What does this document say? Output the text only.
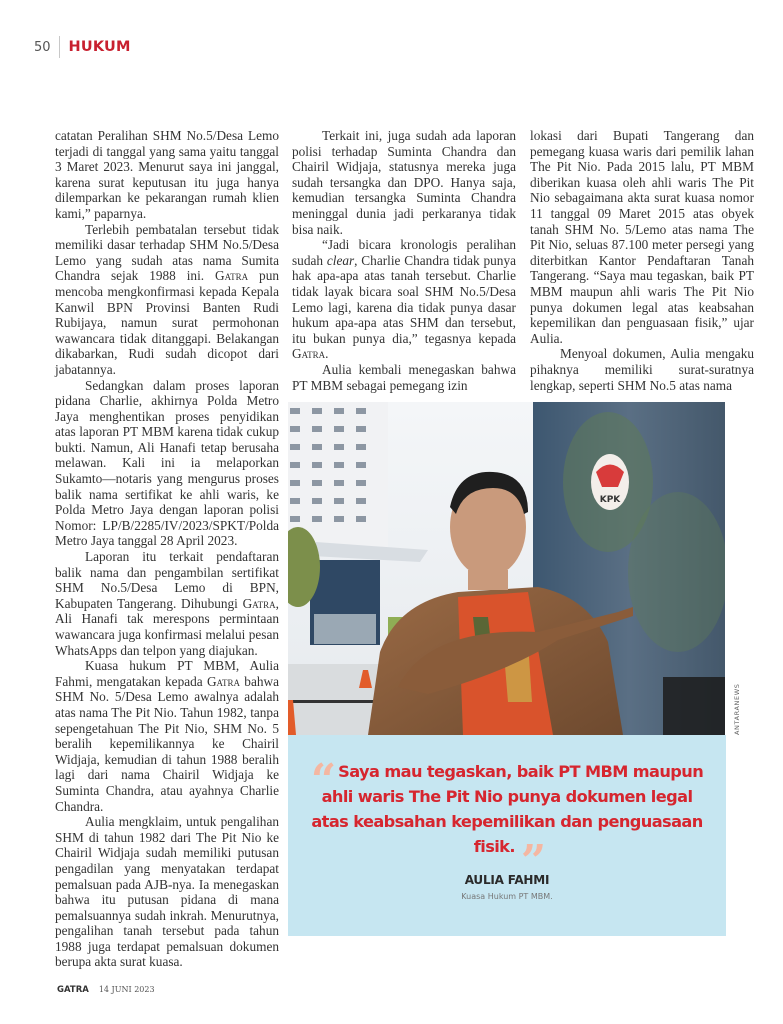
50 HUKUM

catatan Peralihan SHM No.5/Desa Lemo terjadi di tanggal yang sama yaitu tanggal 3 Maret 2023. Menurut saya ini janggal, karena surat keputusan itu juga hanya dilemparkan ke pekarangan rumah klien kami,” paparnya.

Terlebih pembatalan tersebut tidak memiliki dasar terhadap SHM No.5/Desa Lemo yang sudah atas nama Sumita Chandra sejak 1988 ini. Gatra pun mencoba mengkonfirmasi kepada Kepala Kanwil BPN Provinsi Banten Rudi Rubijaya, namun surat permohonan wawancara tidak ditanggapi. Belakangan dikabarkan, Rudi sudah dicopot dari jabatannya.

Sedangkan dalam proses laporan pidana Charlie, akhirnya Polda Metro Jaya menghentikan proses penyidikan atas laporan PT MBM karena tidak cukup bukti. Namun, Ali Hanafi tetap berusaha melawan. Kali ini ia melaporkan Sukamto—notaris yang mengurus proses balik nama sertifikat ke ahli waris, ke Polda Metro Jaya dengan laporan polisi Nomor: LP/B/2285/IV/2023/SPKT/Polda Metro Jaya tanggal 28 April 2023.

Laporan itu terkait pendaftaran balik nama dan pengambilan sertifikat SHM No.5/Desa Lemo di BPN, Kabupaten Tangerang. Dihubungi Gatra, Ali Hanafi tak merespons permintaan wawancara juga konfirmasi melalui pesan WhatsApps dan telpon yang diajukan.

Kuasa hukum PT MBM, Aulia Fahmi, mengatakan kepada Gatra bahwa SHM No. 5/Desa Lemo awalnya adalah atas nama The Pit Nio. Tahun 1982, tanpa sepengetahuan The Pit Nio, SHM No. 5 beralih kepemilikannya ke Chairil Widjaja, kemudian di tahun 1988 beralih lagi dari nama Chairil Widjaja ke Suminta Chandra, atau ayahnya Charlie Chandra.

Aulia mengklaim, untuk pengalihan SHM di tahun 1982 dari The Pit Nio ke Chairil Widjaja sudah memiliki putusan pengadilan yang menyatakan terdapat pemalsuan pada AJB-nya. Ia menegaskan bahwa itu putusan pidana di mana pemalsuannya sudah inkrah. Menurutnya, pengalihan tanah tersebut pada tahun 1988 juga terdapat pemalsuan dokumen berupa akta surat kuasa.

Terkait ini, juga sudah ada laporan polisi terhadap Suminta Chandra dan Chairil Widjaja, statusnya mereka juga sudah tersangka dan DPO. Hanya saja, kemudian tersangka Suminta Chandra meninggal dunia jadi perkaranya tidak bisa naik.

“Jadi bicara kronologis peralihan sudah clear, Charlie Chandra tidak punya hak apa-apa atas tanah tersebut. Charlie tidak layak bicara soal SHM No.5/Desa Lemo lagi, karena dia tidak punya dasar hukum apa-apa atas SHM dan tersebut, itu bukan punya dia,” tegasnya kepada Gatra.

Aulia kembali menegaskan bahwa PT MBM sebagai pemegang izin

lokasi dari Bupati Tangerang dan pemegang kuasa waris dari pemilik lahan The Pit Nio. Pada 2015 lalu, PT MBM diberikan kuasa oleh ahli waris The Pit Nio sebagaimana akta surat kuasa nomor 11 tanggal 09 Maret 2015 atas obyek tanah SHM No. 5/Lemo atas nama The Pit Nio, seluas 87.100 meter persegi yang diterbitkan Kantor Pendaftaran Tanah Tangerang. “Saya mau tegaskan, baik PT MBM maupun ahli waris The Pit Nio punya dokumen legal atas keabsahan kepemilikan dan penguasaan fisik,” ujar Aulia.

Menyoal dokumen, Aulia mengaku pihaknya memiliki surat-suratnya lengkap, seperti SHM No.5 atas nama

KPK
ANTARANEWS
“ Saya mau tegaskan, baik PT MBM maupun ahli waris The Pit Nio punya dokumen legal atas keabsahan kepemilikan dan penguasaan fisik. ”
AULIA FAHMI
Kuasa Hukum PT MBM.
GATRA 14 JUNI 2023
